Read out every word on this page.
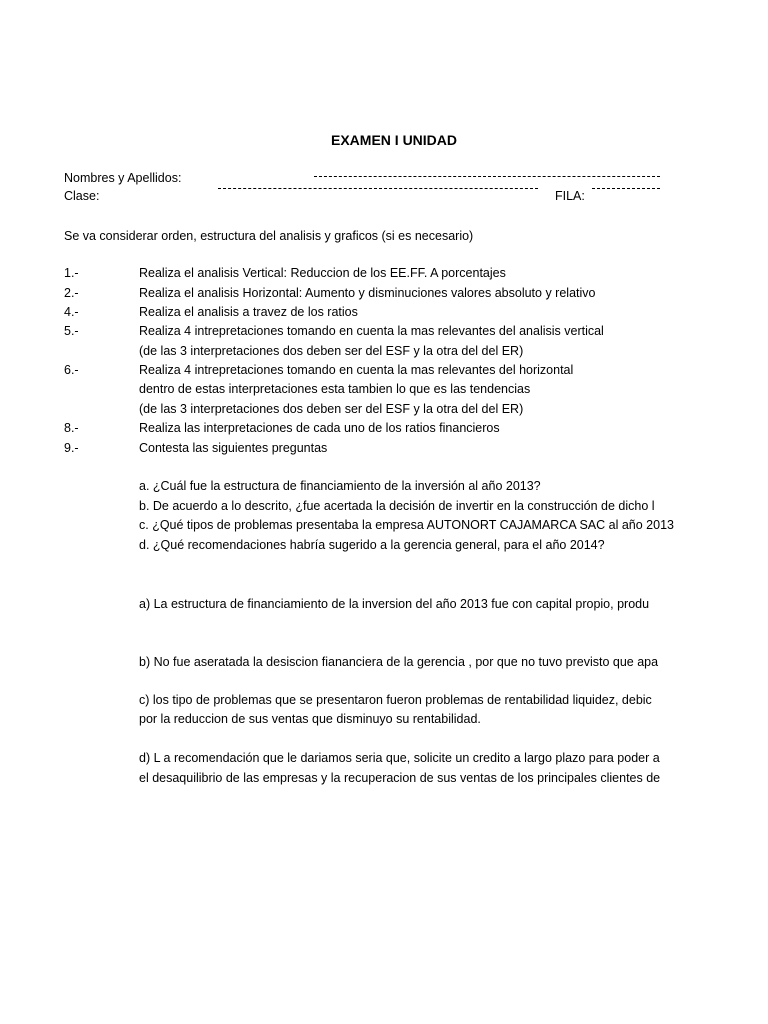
EXAMEN I UNIDAD
Nombres y Apellidos:
Clase:	FILA:
Se va considerar orden, estructura del analisis y graficos (si es necesario)
1.-	Realiza el analisis Vertical: Reduccion de los EE.FF. A porcentajes
2.-	Realiza el analisis Horizontal: Aumento y disminuciones valores absoluto y relativo
4.-	Realiza el analisis a travez de los ratios
5.-	Realiza 4 intrepretaciones tomando en cuenta la mas relevantes del analisis vertical
(de las 3 interpretaciones dos deben ser del ESF y la otra del del ER)
6.-	Realiza 4 intrepretaciones tomando en cuenta la mas relevantes del horizontal
dentro de estas interpretaciones esta tambien lo que es las tendencias
(de las 3 interpretaciones dos deben ser del ESF y la otra del del ER)
8.-	Realiza las interpretaciones de cada uno de los ratios financieros
9.-	Contesta las siguientes preguntas
a. ¿Cuál fue la estructura de financiamiento de la inversión al año 2013?
b. De acuerdo a lo descrito, ¿fue acertada la decisión de invertir en la construcción de dicho l
c. ¿Qué tipos de problemas presentaba la empresa AUTONORT CAJAMARCA SAC al año 2013
d. ¿Qué recomendaciones habría sugerido a la gerencia general, para el año 2014?
a) La estructura de financiamiento de la inversion del año 2013 fue con capital propio, produ
b) No fue aseratada la desiscion fiananciera de la gerencia , por que no tuvo previsto que apa
c) los tipo de problemas que se presentaron fueron problemas de rentabilidad liquidez, debic
por la reduccion de sus ventas que disminuyo su rentabilidad.
d) L a recomendación que le dariamos seria que, solicite un credito a largo plazo para poder a
el desaquilibrio de las empresas y la recuperacion de sus ventas de los principales clientes de
